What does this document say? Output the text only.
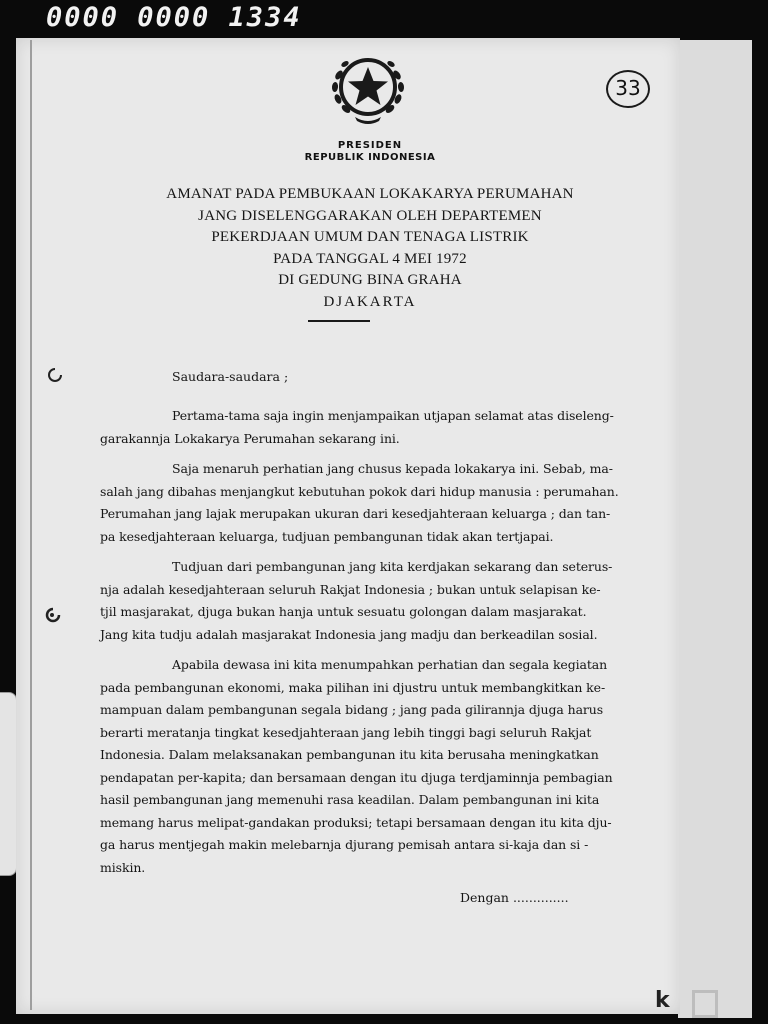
0000 0000 1334
33
PRESIDEN
REPUBLIK INDONESIA
AMANAT PADA PEMBUKAAN LOKAKARYA PERUMAHAN
JANG DISELENGGARAKAN OLEH DEPARTEMEN
PEKERDJAAN UMUM DAN TENAGA LISTRIK
PADA TANGGAL 4 MEI 1972
DI GEDUNG BINA GRAHA
DJAKARTA
Saudara-saudara ;
Pertama-tama saja ingin menjampaikan utjapan selamat atas diseleng-
garakannja Lokakarya Perumahan sekarang ini.
Saja menaruh perhatian jang chusus kepada lokakarya ini. Sebab, ma-
salah jang dibahas menjangkut kebutuhan pokok dari hidup manusia : perumahan.
Perumahan jang lajak merupakan ukuran dari kesedjahteraan keluarga ; dan tan-
pa kesedjahteraan keluarga, tudjuan pembangunan tidak akan tertjapai.
Tudjuan dari pembangunan jang kita kerdjakan sekarang dan seterus-
nja adalah kesedjahteraan seluruh Rakjat Indonesia ; bukan untuk selapisan ke-
tjil masjarakat, djuga bukan hanja untuk sesuatu golongan dalam masjarakat.
Jang kita tudju adalah masjarakat Indonesia jang madju dan berkeadilan sosial.
Apabila dewasa ini kita menumpahkan perhatian dan segala kegiatan
pada pembangunan ekonomi, maka pilihan ini djustru untuk membangkitkan ke-
mampuan dalam pembangunan segala bidang ; jang pada gilirannja djuga harus
berarti meratanja tingkat kesedjahteraan jang lebih tinggi bagi seluruh Rakjat
Indonesia. Dalam melaksanakan pembangunan itu kita berusaha meningkatkan
pendapatan per-kapita; dan bersamaan dengan itu djuga terdjaminnja pembagian
hasil pembangunan jang memenuhi rasa keadilan. Dalam pembangunan ini kita
memang harus melipat-gandakan produksi; tetapi bersamaan dengan itu kita dju-
ga harus mentjegah makin melebarnja djurang pemisah antara si-kaja dan si -
miskin.
Dengan ..............
k
